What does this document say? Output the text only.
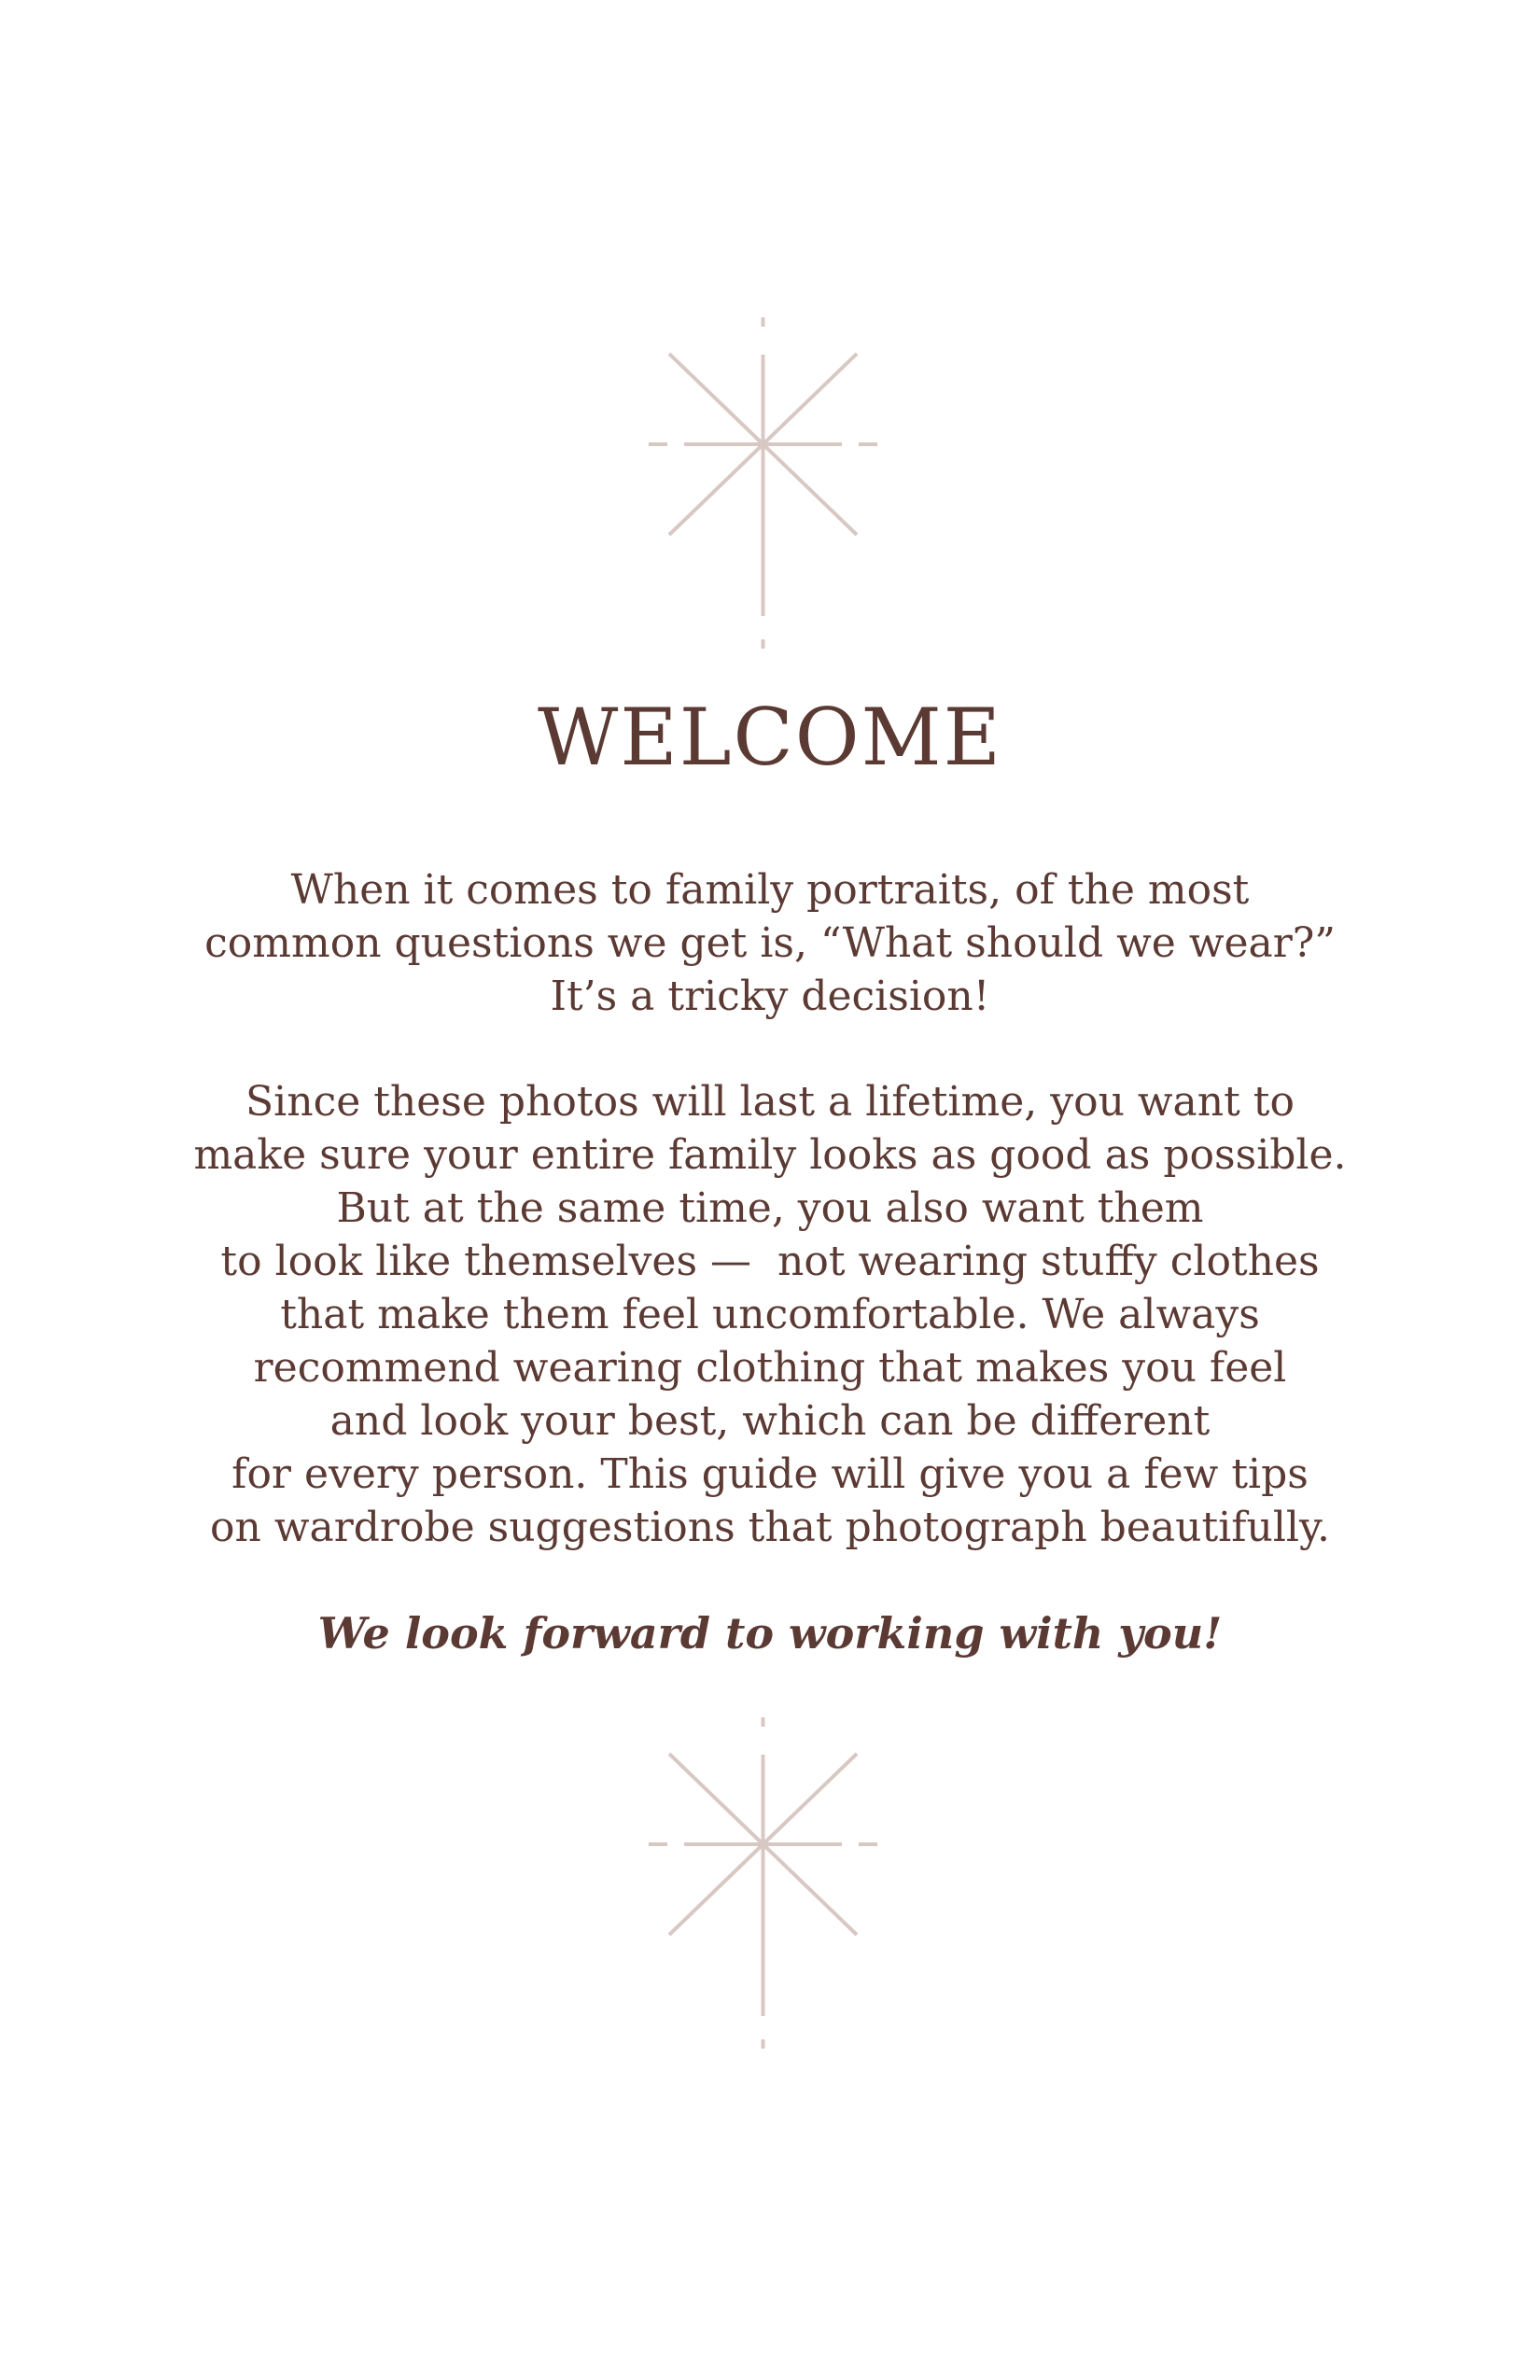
WELCOME

When it comes to family portraits, of the most
common questions we get is, “What should we wear?”
It’s a tricky decision!

Since these photos will last a lifetime, you want to
make sure your entire family looks as good as possible.
But at the same time, you also want them
to look like themselves —  not wearing stuffy clothes
that make them feel uncomfortable. We always
recommend wearing clothing that makes you feel
and look your best, which can be different
for every person. This guide will give you a few tips
on wardrobe suggestions that photograph beautifully.

We look forward to working with you!
